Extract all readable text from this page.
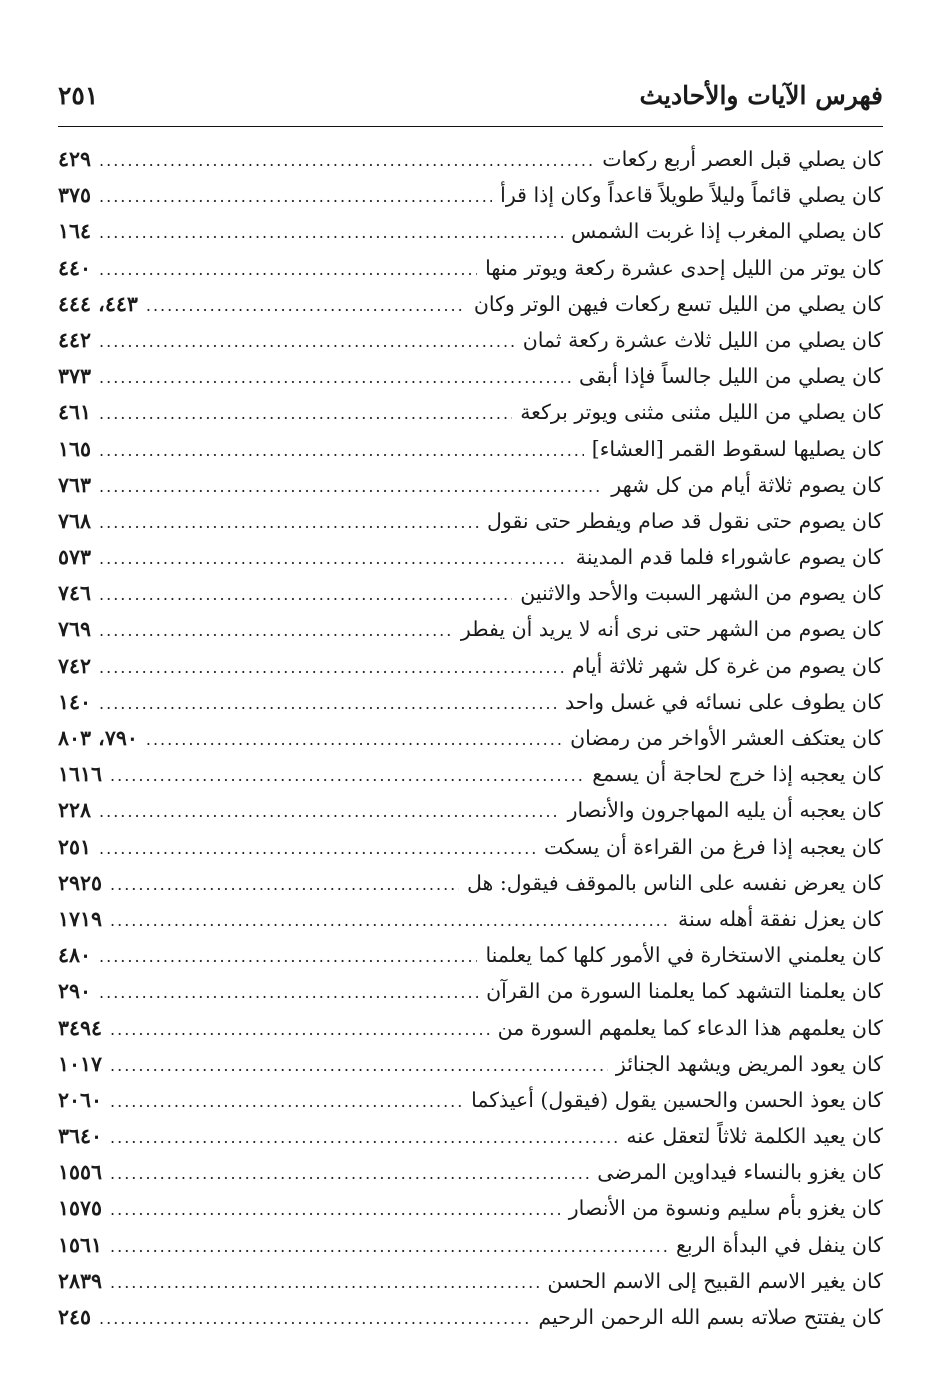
٢٥١	فهرس الآيات والأحاديث
كان يصلي قبل العصر أربع ركعات
.....
٤٢٩
كان يصلي قائماً وليلاً طويلاً قاعداً وكان إذا قرأ
.....
٣٧٥
كان يصلي المغرب إذا غربت الشمس
.....
١٦٤
كان يوتر من الليل إحدى عشرة ركعة ويوتر منها
.....
٤٤٠
كان يصلي من الليل تسع ركعات فيهن الوتر وكان
.....
٤٤٣، ٤٤٤
كان يصلي من الليل ثلاث عشرة ركعة ثمان
.....
٤٤٢
كان يصلي من الليل جالساً فإذا أبقى
.....
٣٧٣
كان يصلي من الليل مثنى مثنى ويوتر بركعة
.....
٤٦١
كان يصليها لسقوط القمر [العشاء]
.....
١٦٥
كان يصوم ثلاثة أيام من كل شهر
.....
٧٦٣
كان يصوم حتى نقول قد صام ويفطر حتى نقول
.....
٧٦٨
كان يصوم عاشوراء فلما قدم المدينة
.....
٥٧٣
كان يصوم من الشهر السبت والأحد والاثنين
.....
٧٤٦
كان يصوم من الشهر حتى نرى أنه لا يريد أن يفطر
.....
٧٦٩
كان يصوم من غرة كل شهر ثلاثة أيام
.....
٧٤٢
كان يطوف على نسائه في غسل واحد
.....
١٤٠
كان يعتكف العشر الأواخر من رمضان
.....
٧٩٠، ٨٠٣
كان يعجبه إذا خرج لحاجة أن يسمع
.....
١٦١٦
كان يعجبه أن يليه المهاجرون والأنصار
.....
٢٢٨
كان يعجبه إذا فرغ من القراءة أن يسكت
.....
٢٥١
كان يعرض نفسه على الناس بالموقف فيقول: هل
.....
٢٩٢٥
كان يعزل نفقة أهله سنة
.....
١٧١٩
كان يعلمني الاستخارة في الأمور كلها كما يعلمنا
.....
٤٨٠
كان يعلمنا التشهد كما يعلمنا السورة من القرآن
.....
٢٩٠
كان يعلمهم هذا الدعاء كما يعلمهم السورة من
.....
٣٤٩٤
كان يعود المريض ويشهد الجنائز
.....
١٠١٧
كان يعوذ الحسن والحسين يقول (فيقول) أعيذكما
.....
٢٠٦٠
كان يعيد الكلمة ثلاثاً لتعقل عنه
.....
٣٦٤٠
كان يغزو بالنساء فيداوين المرضى
.....
١٥٥٦
كان يغزو بأم سليم ونسوة من الأنصار
.....
١٥٧٥
كان ينفل في البدأة الربع
.....
١٥٦١
كان يغير الاسم القبيح إلى الاسم الحسن
.....
٢٨٣٩
كان يفتتح صلاته بسم الله الرحمن الرحيم
.....
٢٤٥
